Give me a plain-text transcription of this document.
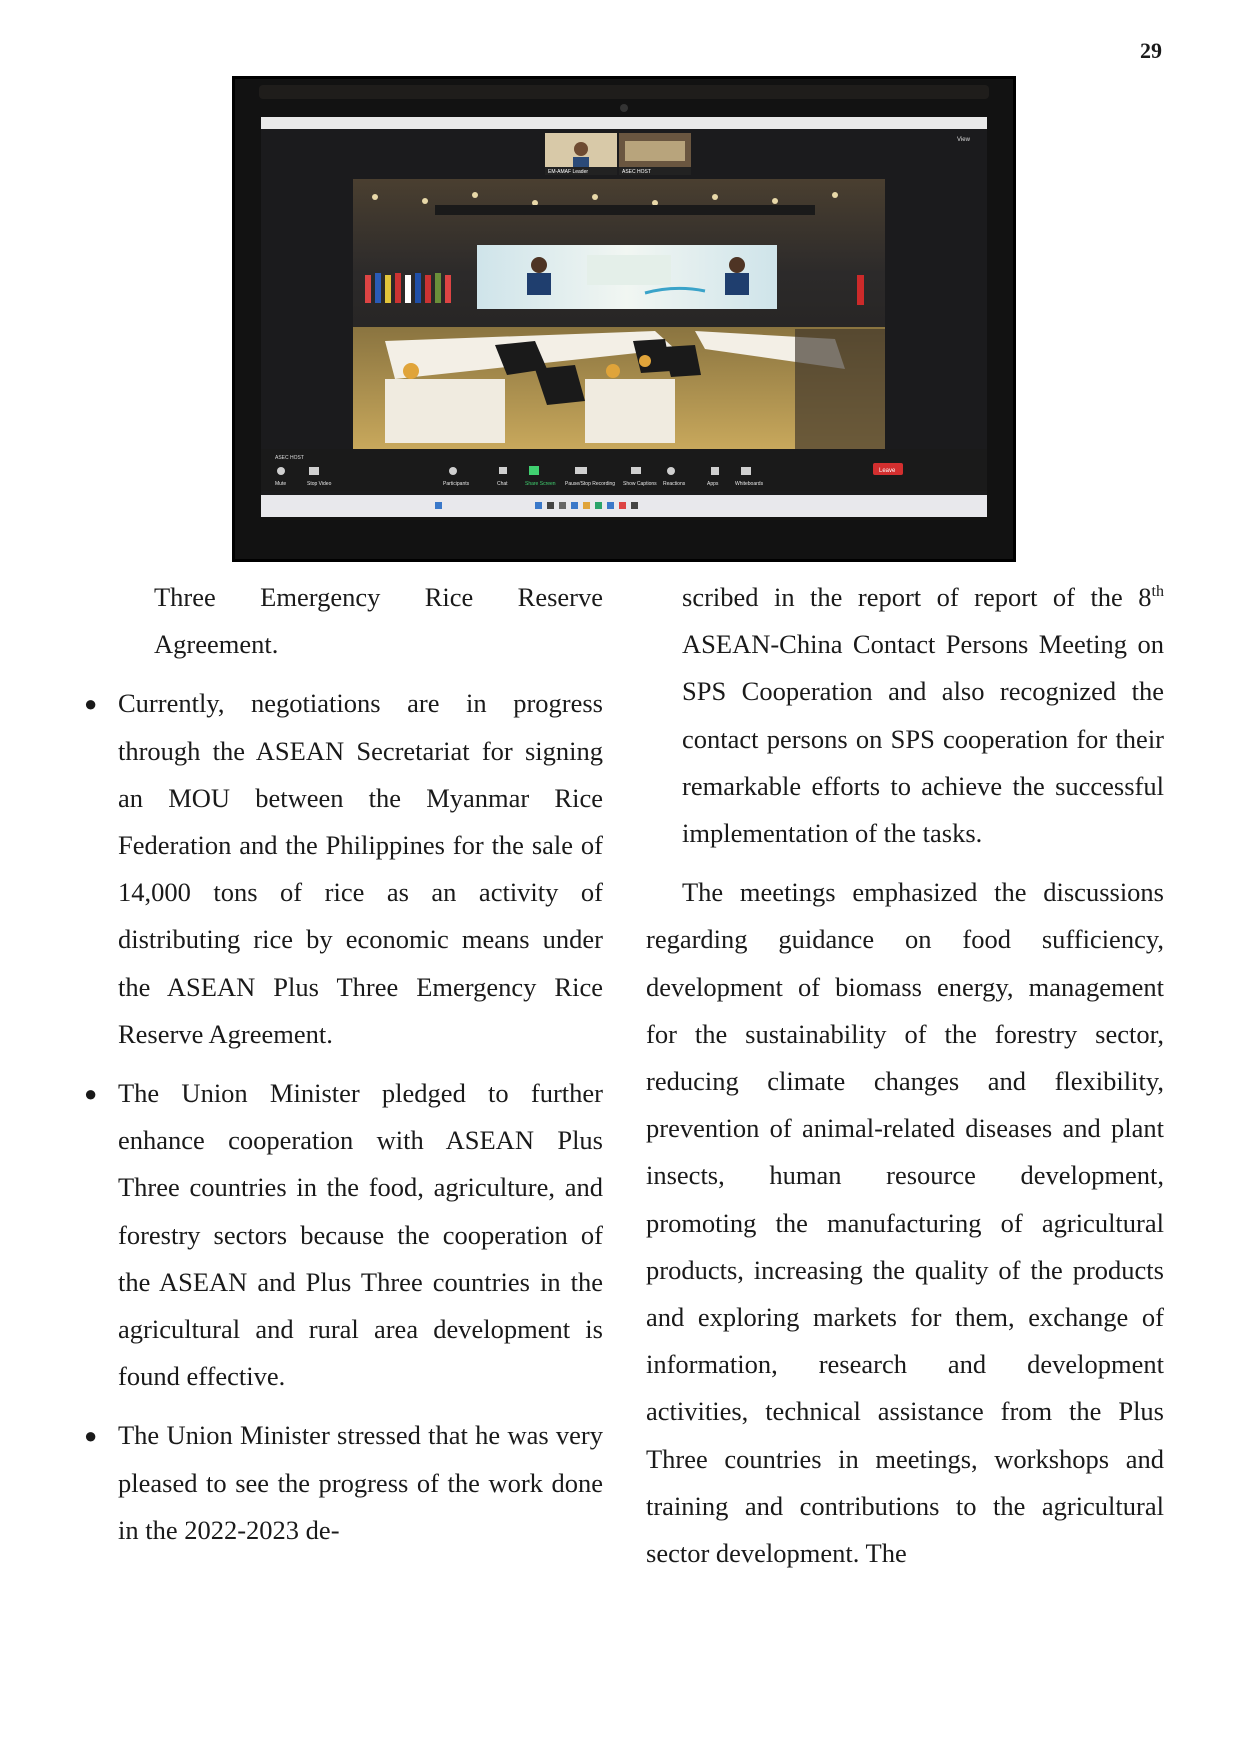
29
EM-AMAF Leader	ASEC HOST
View
ASEC HOST
Mute	Stop Video	Participants	Chat	Share Screen Pause/Stop Recording Show Captions Reactions	Apps	Whiteboards
Leave

Three Emergency Rice Reserve Agreement.

● Currently, negotiations are in progress through the ASEAN Secretariat for signing an MOU between the Myanmar Rice Federation and the Philippines for the sale of 14,000 tons of rice as an activity of distributing rice by economic means under the ASEAN Plus Three Emergency Rice Reserve Agreement.
● The Union Minister pledged to further enhance cooperation with ASEAN Plus Three countries in the food, agriculture, and forestry sectors because the cooperation of the ASEAN and Plus Three countries in the agricultural and rural area development is found effective.
● The Union Minister stressed that he was very pleased to see the progress of the work done in the 2022-2023 de-

scribed in the report of report of the 8th ASEAN-China Contact Persons Meeting on SPS Cooperation and also recognized the contact persons on SPS cooperation for their remarkable efforts to achieve the successful implementation of the tasks.

The meetings emphasized the discussions regarding guidance on food sufficiency, development of biomass energy, management for the sustainability of the forestry sector, reducing climate changes and flexibility, prevention of animal-related diseases and plant insects, human resource development, promoting the manufacturing of agricultural products, increasing the quality of the products and exploring markets for them, exchange of information, research and development activities, technical assistance from the Plus Three countries in meetings, workshops and training and contributions to the agricultural sector development. The
